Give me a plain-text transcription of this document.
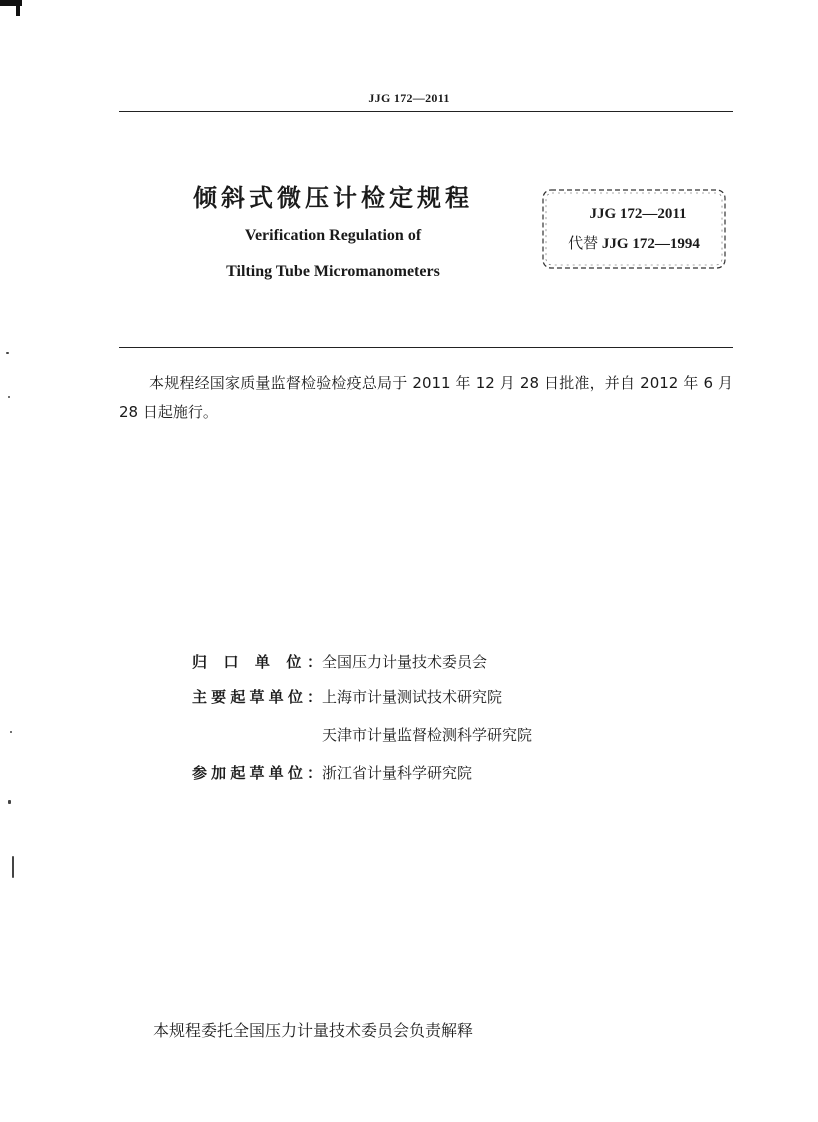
JJG 172—2011
倾斜式微压计检定规程
Verification Regulation of
Tilting Tube Micromanometers
JJG 172—2011
代替 JJG 172—1994

本规程经国家质量监督检验检疫总局于 2011 年 12 月 28 日批准，并自 2012 年 6 月 28 日起施行。

归 口 单 位：全国压力计量技术委员会
主要起草单位：上海市计量测试技术研究院
天津市计量监督检测科学研究院
参加起草单位：浙江省计量科学研究院
本规程委托全国压力计量技术委员会负责解释
